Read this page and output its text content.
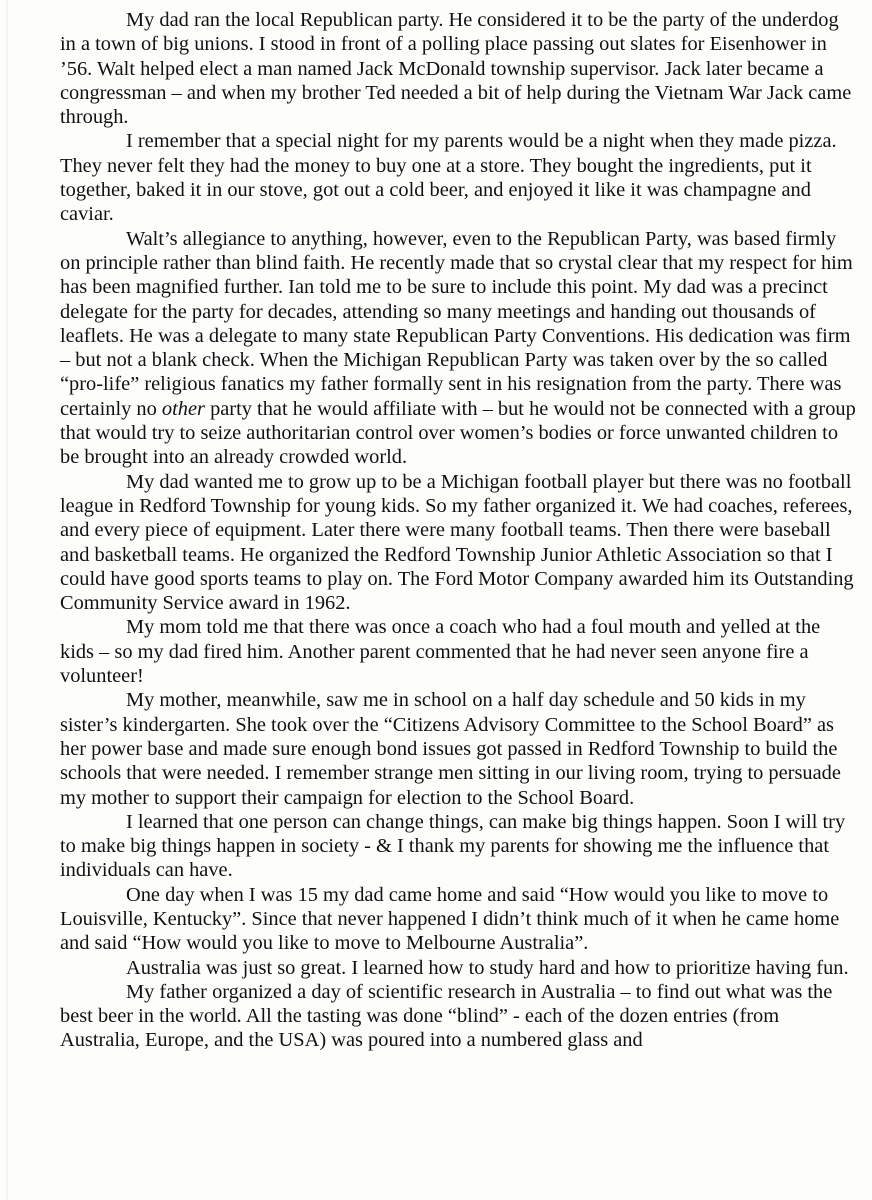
My dad ran the local Republican party. He considered it to be the party of the underdog in a town of big unions. I stood in front of a polling place passing out slates for Eisenhower in ’56. Walt helped elect a man named Jack McDonald township supervisor. Jack later became a congressman – and when my brother Ted needed a bit of help during the Vietnam War Jack came through.

I remember that a special night for my parents would be a night when they made pizza. They never felt they had the money to buy one at a store. They bought the ingredients, put it together, baked it in our stove, got out a cold beer, and enjoyed it like it was champagne and caviar.

Walt’s allegiance to anything, however, even to the Republican Party, was based firmly on principle rather than blind faith. He recently made that so crystal clear that my respect for him has been magnified further. Ian told me to be sure to include this point. My dad was a precinct delegate for the party for decades, attending so many meetings and handing out thousands of leaflets. He was a delegate to many state Republican Party Conventions. His dedication was firm – but not a blank check. When the Michigan Republican Party was taken over by the so called “pro-life” religious fanatics my father formally sent in his resignation from the party. There was certainly no other party that he would affiliate with – but he would not be connected with a group that would try to seize authoritarian control over women’s bodies or force unwanted children to be brought into an already crowded world.

My dad wanted me to grow up to be a Michigan football player but there was no football league in Redford Township for young kids. So my father organized it. We had coaches, referees, and every piece of equipment. Later there were many football teams. Then there were baseball and basketball teams. He organized the Redford Township Junior Athletic Association so that I could have good sports teams to play on. The Ford Motor Company awarded him its Outstanding Community Service award in 1962.

My mom told me that there was once a coach who had a foul mouth and yelled at the kids – so my dad fired him. Another parent commented that he had never seen anyone fire a volunteer!

My mother, meanwhile, saw me in school on a half day schedule and 50 kids in my sister’s kindergarten. She took over the “Citizens Advisory Committee to the School Board” as her power base and made sure enough bond issues got passed in Redford Township to build the schools that were needed. I remember strange men sitting in our living room, trying to persuade my mother to support their campaign for election to the School Board.

I learned that one person can change things, can make big things happen. Soon I will try to make big things happen in society - & I thank my parents for showing me the influence that individuals can have.

One day when I was 15 my dad came home and said “How would you like to move to Louisville, Kentucky”. Since that never happened I didn’t think much of it when he came home and said “How would you like to move to Melbourne Australia”.

Australia was just so great. I learned how to study hard and how to prioritize having fun.

My father organized a day of scientific research in Australia – to find out what was the best beer in the world. All the tasting was done “blind” - each of the dozen entries (from Australia, Europe, and the USA) was poured into a numbered glass and
